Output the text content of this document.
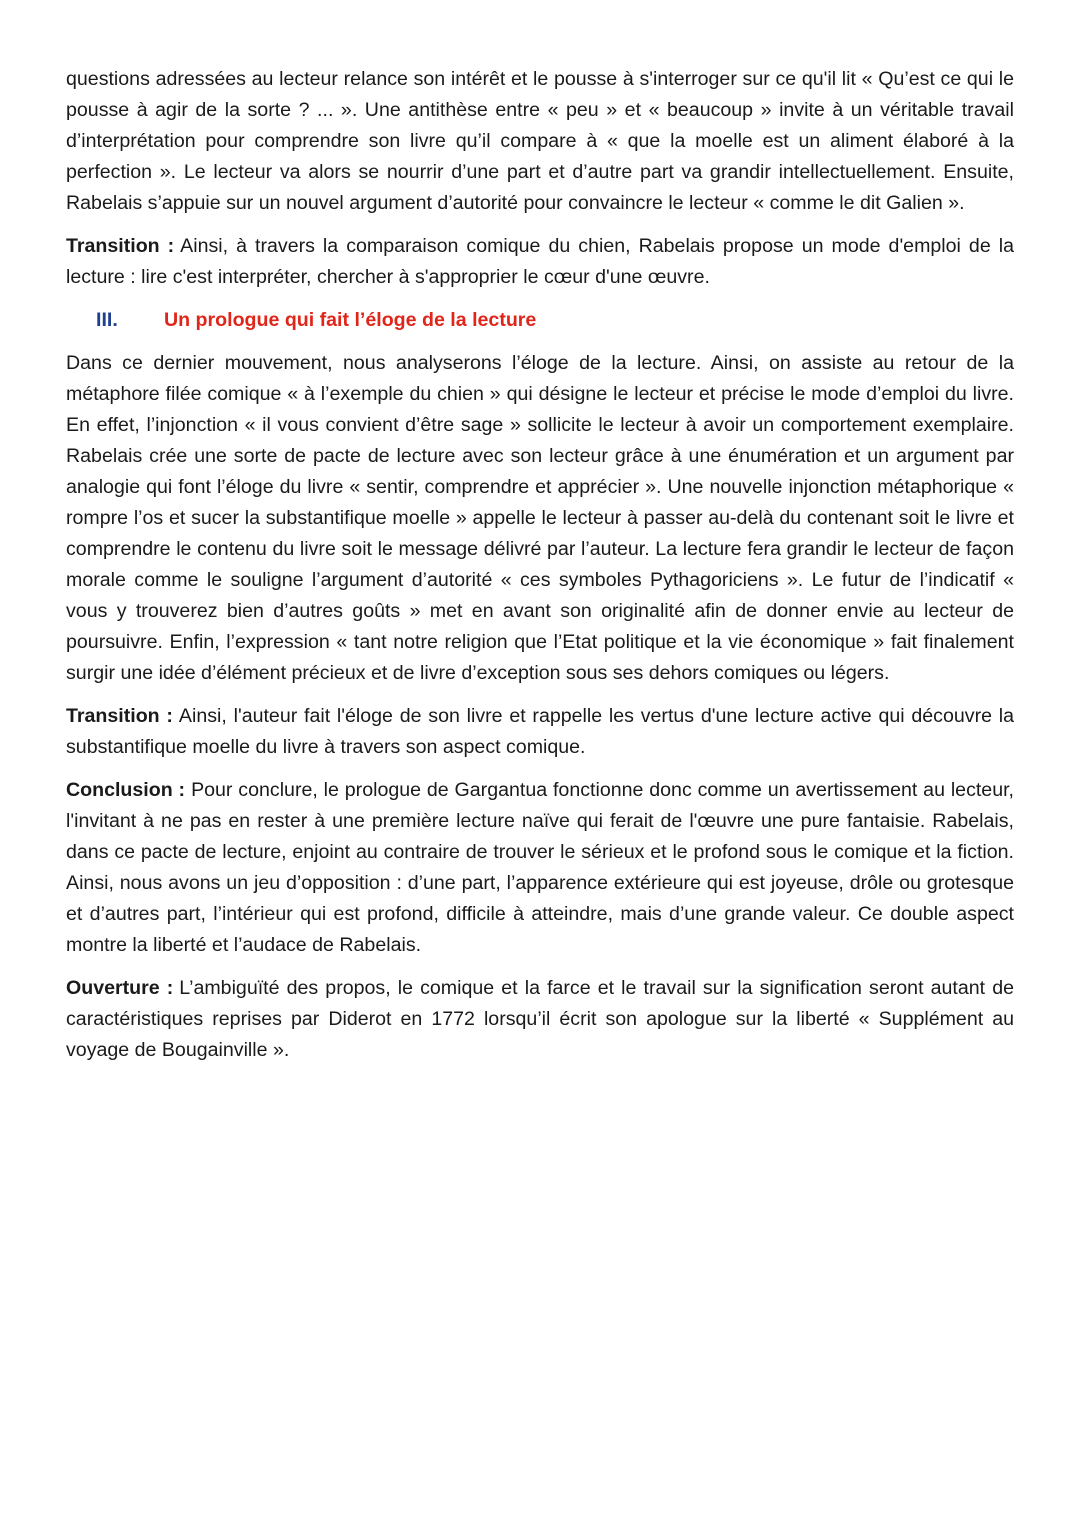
questions adressées au lecteur relance son intérêt et le pousse à s'interroger sur ce qu'il lit « Qu’est ce qui le pousse à agir de la sorte ? ... ». Une antithèse entre « peu » et « beaucoup » invite à un véritable travail d’interprétation pour comprendre son livre qu’il compare à « que la moelle est un aliment élaboré à la perfection ». Le lecteur va alors se nourrir d’une part et d’autre part va grandir intellectuellement. Ensuite, Rabelais s’appuie sur un nouvel argument d’autorité pour convaincre le lecteur « comme le dit Galien ».

Transition : Ainsi, à travers la comparaison comique du chien, Rabelais propose un mode d'emploi de la lecture : lire c'est interpréter, chercher à s'approprier le cœur d'une œuvre.

III.	Un prologue qui fait l’éloge de la lecture

Dans ce dernier mouvement, nous analyserons l’éloge de la lecture. Ainsi, on assiste au retour de la métaphore filée comique « à l’exemple du chien » qui désigne le lecteur et précise le mode d’emploi du livre. En effet, l’injonction « il vous convient d’être sage » sollicite le lecteur à avoir un comportement exemplaire. Rabelais crée une sorte de pacte de lecture avec son lecteur grâce à une énumération et un argument par analogie qui font l’éloge du livre « sentir, comprendre et apprécier ». Une nouvelle injonction métaphorique « rompre l’os et sucer la substantifique moelle » appelle le lecteur à passer au-delà du contenant soit le livre et comprendre le contenu du livre soit le message délivré par l’auteur. La lecture fera grandir le lecteur de façon morale comme le souligne l’argument d’autorité « ces symboles Pythagoriciens ». Le futur de l’indicatif « vous y trouverez bien d’autres goûts » met en avant son originalité afin de donner envie au lecteur de poursuivre. Enfin, l’expression « tant notre religion que l’Etat politique et la vie économique » fait finalement surgir une idée d’élément précieux et de livre d’exception sous ses dehors comiques ou légers.

Transition : Ainsi, l'auteur fait l'éloge de son livre et rappelle les vertus d'une lecture active qui découvre la substantifique moelle du livre à travers son aspect comique.

Conclusion : Pour conclure, le prologue de Gargantua fonctionne donc comme un avertissement au lecteur, l'invitant à ne pas en rester à une première lecture naïve qui ferait de l'œuvre une pure fantaisie. Rabelais, dans ce pacte de lecture, enjoint au contraire de trouver le sérieux et le profond sous le comique et la fiction. Ainsi, nous avons un jeu d’opposition : d’une part, l’apparence extérieure qui est joyeuse, drôle ou grotesque et d’autres part, l’intérieur qui est profond, difficile à atteindre, mais d’une grande valeur. Ce double aspect montre la liberté et l’audace de Rabelais.

Ouverture : L’ambiguïté des propos, le comique et la farce et le travail sur la signification seront autant de caractéristiques reprises par Diderot en 1772 lorsqu’il écrit son apologue sur la liberté « Supplément au voyage de Bougainville ».
